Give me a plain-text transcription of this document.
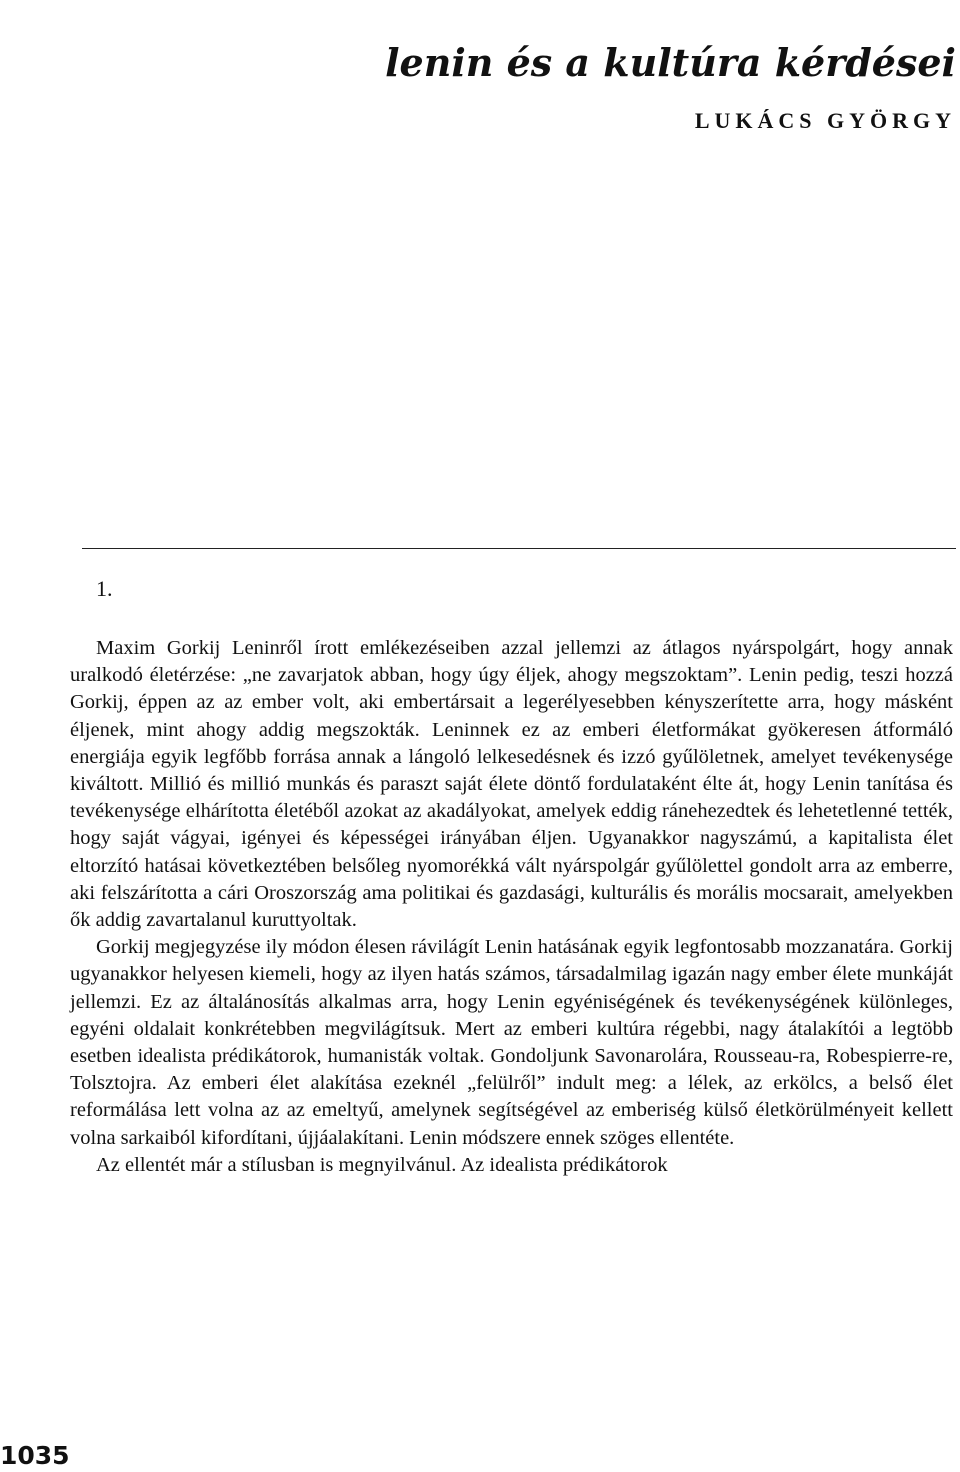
lenin és a kultúra kérdései
LUKÁCS GYÖRGY
1.

Maxim Gorkij Leninről írott emlékezéseiben azzal jellemzi az átlagos nyárspolgárt, hogy annak uralkodó életérzése: „ne zavarjatok abban, hogy úgy éljek, ahogy megszoktam”. Lenin pedig, teszi hozzá Gorkij, éppen az az ember volt, aki embertársait a legerélyesebben kényszerítette arra, hogy másként éljenek, mint ahogy addig megszokták. Leninnek ez az emberi életformákat gyökeresen átformáló energiája egyik legfőbb forrása annak a lángoló lelkesedésnek és izzó gyűlöletnek, amelyet tevékenysége kiváltott. Millió és millió munkás és paraszt saját élete döntő fordulataként élte át, hogy Lenin tanítása és tevékenysége elhárította életéből azokat az akadályokat, amelyek eddig ránehezedtek és lehetetlenné tették, hogy saját vágyai, igényei és képességei irányában éljen. Ugyanakkor nagyszámú, a kapitalista élet eltorzító hatásai következtében belsőleg nyomorékká vált nyárspolgár gyűlölettel gondolt arra az emberre, aki felszárította a cári Oroszország ama politikai és gazdasági, kulturális és morális mocsarait, amelyekben ők addig zavartalanul kuruttyoltak.

Gorkij megjegyzése ily módon élesen rávilágít Lenin hatásának egyik legfontosabb mozzanatára. Gorkij ugyanakkor helyesen kiemeli, hogy az ilyen hatás számos, társadalmilag igazán nagy ember élete munkáját jellemzi. Ez az általánosítás alkalmas arra, hogy Lenin egyéniségének és tevékenységének különleges, egyéni oldalait konkrétebben megvilágítsuk. Mert az emberi kultúra régebbi, nagy átalakítói a legtöbb esetben idealista prédikátorok, humanisták voltak. Gondoljunk Savonarolára, Rousseau-ra, Robespierre-re, Tolsztojra. Az emberi élet alakítása ezeknél „felülről” indult meg: a lélek, az erkölcs, a belső élet reformálása lett volna az az emeltyű, amelynek segítségével az emberiség külső életkörülményeit kellett volna sarkaiból kifordítani, újjáalakítani. Lenin módszere ennek szöges ellentéte.

Az ellentét már a stílusban is megnyilvánul. Az idealista prédikátorok

1035
